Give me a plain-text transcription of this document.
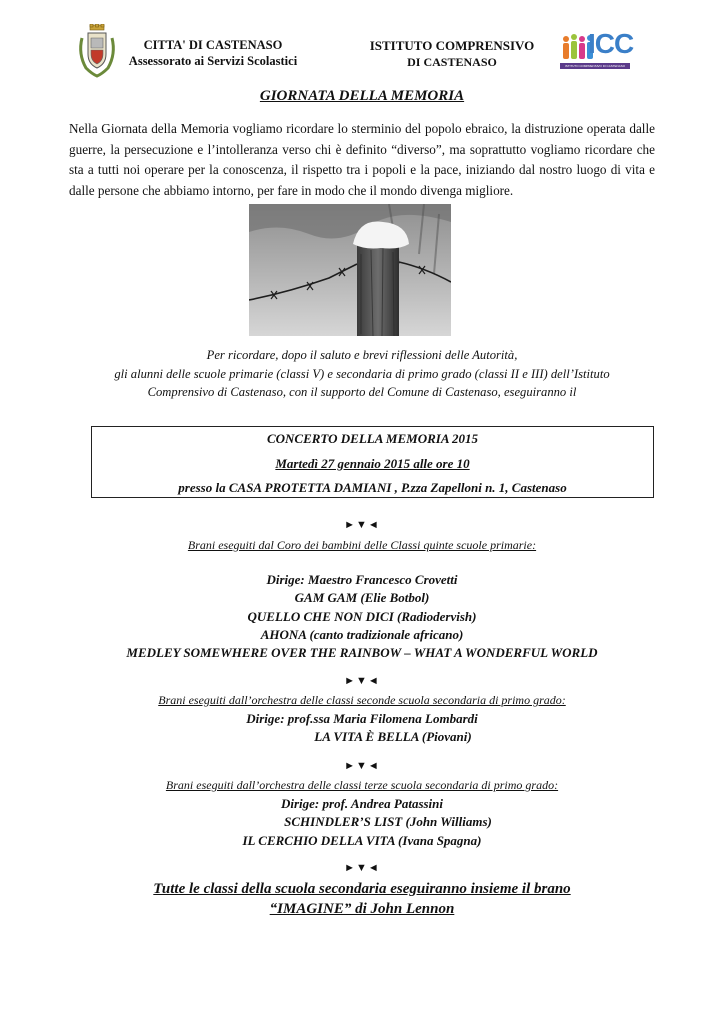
CITTA' DI CASTENASO
Assessorato ai Servizi Scolastici
ISTITUTO COMPRENSIVO
DI CASTENASO
ICC
ISTITUTO COMPRENSIVO DI CASTENASO
GIORNATA DELLA MEMORIA
Nella Giornata della Memoria vogliamo ricordare lo sterminio del popolo ebraico, la distruzione operata dalle guerre, la persecuzione e l’intolleranza verso chi è definito “diverso”, ma soprattutto vogliamo ricordare che sta a tutti noi operare per la conoscenza, il rispetto tra i popoli e la pace, iniziando dal nostro luogo di vita e dalle persone che abbiamo intorno, per fare in modo che il mondo divenga migliore.
Per ricordare, dopo il saluto e brevi riflessioni delle Autorità,
gli alunni delle scuole primarie (classi V) e secondaria di primo grado (classi II e III) dell’Istituto
Comprensivo di Castenaso, con il supporto del Comune di Castenaso, eseguiranno il
CONCERTO DELLA MEMORIA 2015
Martedì 27 gennaio 2015 alle ore 10
presso la CASA PROTETTA DAMIANI , P.zza Zapelloni n. 1, Castenaso
►▼◄
Brani eseguiti dal Coro dei bambini delle Classi quinte scuole primarie:
Dirige: Maestro Francesco Crovetti
GAM GAM (Elie Botbol)
QUELLO CHE NON DICI (Radiodervish)
AHONA (canto tradizionale africano)
MEDLEY SOMEWHERE OVER THE RAINBOW – WHAT A WONDERFUL WORLD
►▼◄
Brani eseguiti dall’orchestra delle classi seconde scuola secondaria di primo grado:
Dirige: prof.ssa Maria Filomena Lombardi
LA VITA È BELLA (Piovani)
►▼◄
Brani eseguiti dall’orchestra delle classi terze scuola secondaria di primo grado:
Dirige: prof. Andrea Patassini
SCHINDLER’S LIST (John Williams)
IL CERCHIO DELLA VITA (Ivana Spagna)
►▼◄
Tutte le classi della scuola secondaria eseguiranno insieme il brano
“IMAGINE” di John Lennon
